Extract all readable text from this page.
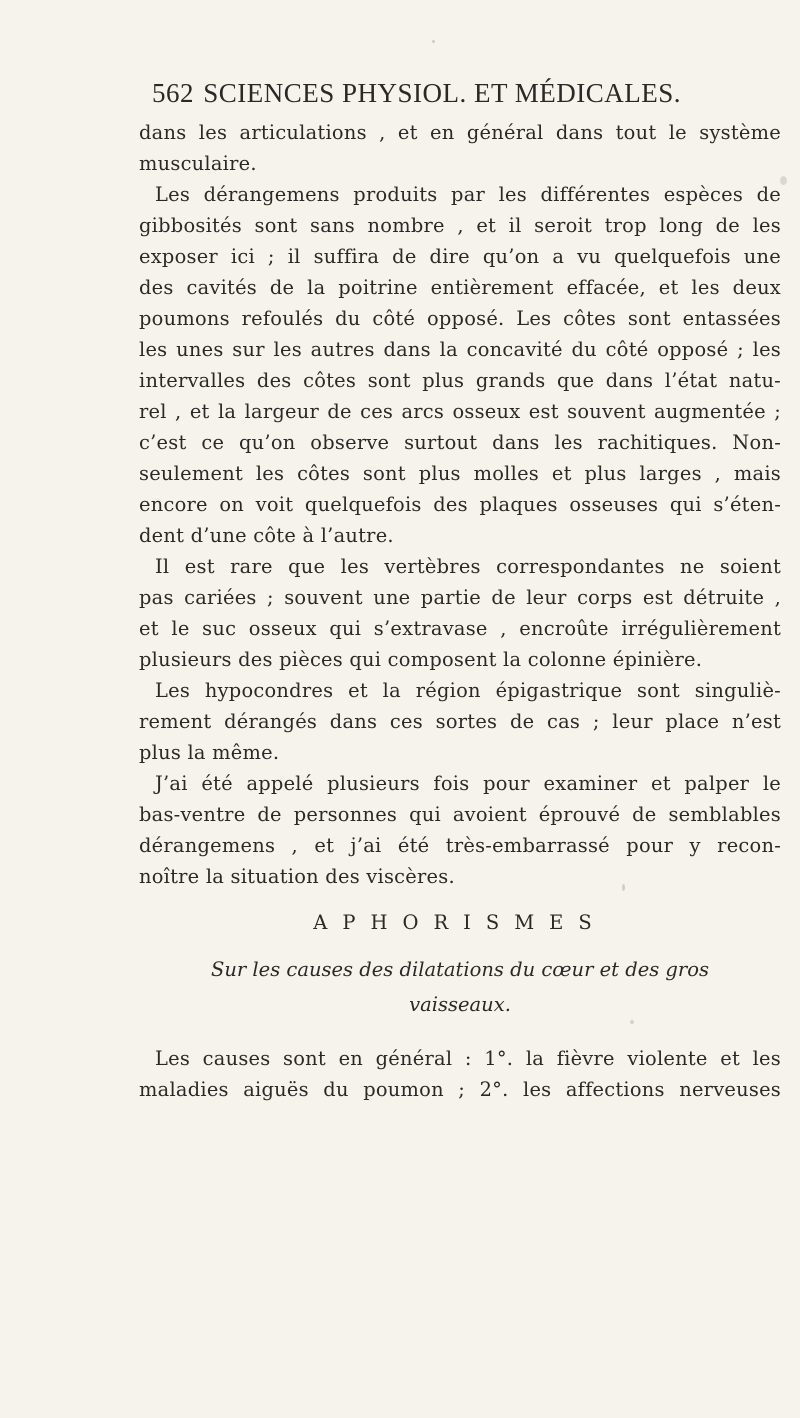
562 SCIENCES PHYSIOL. ET MÉDICALES.
dans les articulations , et en général dans tout le système
musculaire.
Les dérangemens produits par les différentes espèces de
gibbosités sont sans nombre , et il seroit trop long de les
exposer ici ; il suffira de dire qu’on a vu quelquefois une
des cavités de la poitrine entièrement effacée, et les deux
poumons refoulés du côté opposé. Les côtes sont entassées
les unes sur les autres dans la concavité du côté opposé ; les
intervalles des côtes sont plus grands que dans l’état natu-
rel , et la largeur de ces arcs osseux est souvent augmentée ;
c’est ce qu’on observe surtout dans les rachitiques. Non-
seulement les côtes sont plus molles et plus larges , mais
encore on voit quelquefois des plaques osseuses qui s’éten-
dent d’une côte à l’autre.
Il est rare que les vertèbres correspondantes ne soient
pas cariées ; souvent une partie de leur corps est détruite ,
et le suc osseux qui s’extravase , encroûte irrégulièrement
plusieurs des pièces qui composent la colonne épinière.
Les hypocondres et la région épigastrique sont singuliè-
rement dérangés dans ces sortes de cas ; leur place n’est
plus la même.
J’ai été appelé plusieurs fois pour examiner et palper le
bas-ventre de personnes qui avoient éprouvé de semblables
dérangemens , et j’ai été très-embarrassé pour y recon-
noître la situation des viscères.
APHORISMES
Sur les causes des dilatations du cœur et des gros
vaisseaux.
Les causes sont en général : 1°. la fièvre violente et les
maladies aiguës du poumon ; 2°. les affections nerveuses
